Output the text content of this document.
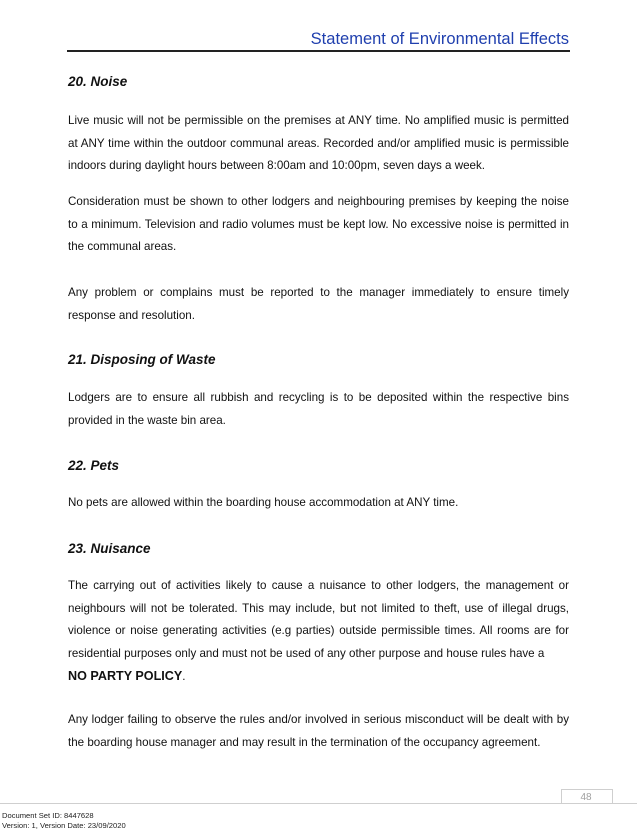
Statement of Environmental Effects
20. Noise
Live music will not be permissible on the premises at ANY time. No amplified music is permitted at ANY time within the outdoor communal areas. Recorded and/or amplified music is permissible indoors during daylight hours between 8:00am and 10:00pm, seven days a week.
Consideration must be shown to other lodgers and neighbouring premises by keeping the noise to a minimum. Television and radio volumes must be kept low. No excessive noise is permitted in the communal areas.
Any problem or complains must be reported to the manager immediately to ensure timely response and resolution.
21. Disposing of Waste
Lodgers are to ensure all rubbish and recycling is to be deposited within the respective bins provided in the waste bin area.
22. Pets
No pets are allowed within the boarding house accommodation at ANY time.
23. Nuisance
The carrying out of activities likely to cause a nuisance to other lodgers, the management or neighbours will not be tolerated. This may include, but not limited to theft, use of illegal drugs, violence or noise generating activities (e.g parties) outside permissible times. All rooms are for residential purposes only and must not be used of any other purpose and house rules have a
NO PARTY POLICY.
Any lodger failing to observe the rules and/or involved in serious misconduct will be dealt with by the boarding house manager and may result in the termination of the occupancy agreement.
48
Document Set ID: 8447628
Version: 1, Version Date: 23/09/2020
